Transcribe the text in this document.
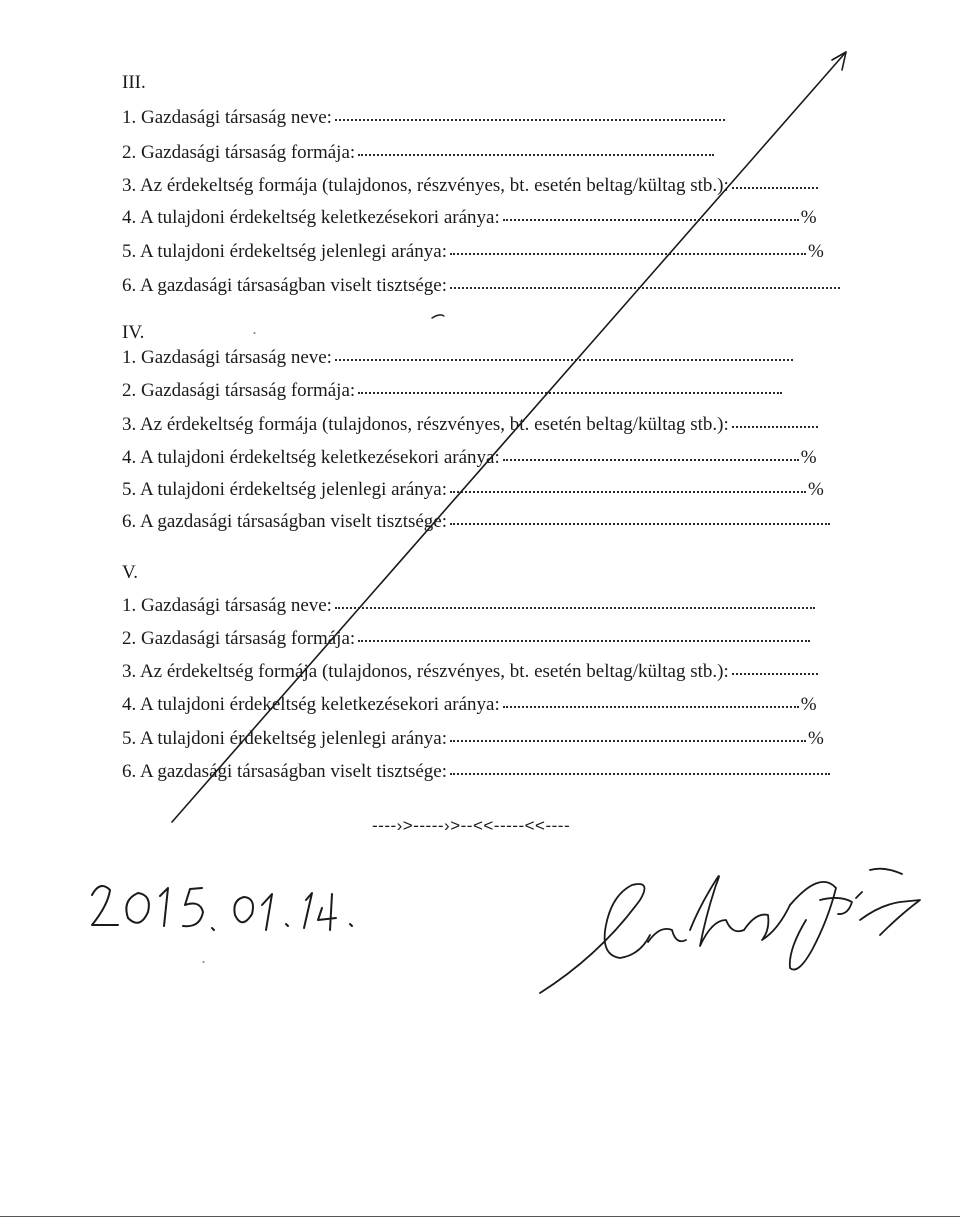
III.
1. Gazdasági társaság neve:
2. Gazdasági társaság formája:
3. Az érdekeltség formája (tulajdonos, részvényes, bt. esetén beltag/kültag stb.):
4. A tulajdoni érdekeltség keletkezésekori aránya:	%
5. A tulajdoni érdekeltség jelenlegi aránya:	%
6. A gazdasági társaságban viselt tisztsége:
IV.
1. Gazdasági társaság neve:
2. Gazdasági társaság formája:
3. Az érdekeltség formája (tulajdonos, részvényes, bt. esetén beltag/kültag stb.):
4. A tulajdoni érdekeltség keletkezésekori aránya:	%
5. A tulajdoni érdekeltség jelenlegi aránya:	%
6. A gazdasági társaságban viselt tisztsége:
V.
1. Gazdasági társaság neve:
2. Gazdasági társaság formája:
3. Az érdekeltség formája (tulajdonos, részvényes, bt. esetén beltag/kültag stb.):
4. A tulajdoni érdekeltség keletkezésekori aránya:	%
5. A tulajdoni érdekeltség jelenlegi aránya:	%
6. A gazdasági társaságban viselt tisztsége:
----›>-----›>--<<-----<<----
